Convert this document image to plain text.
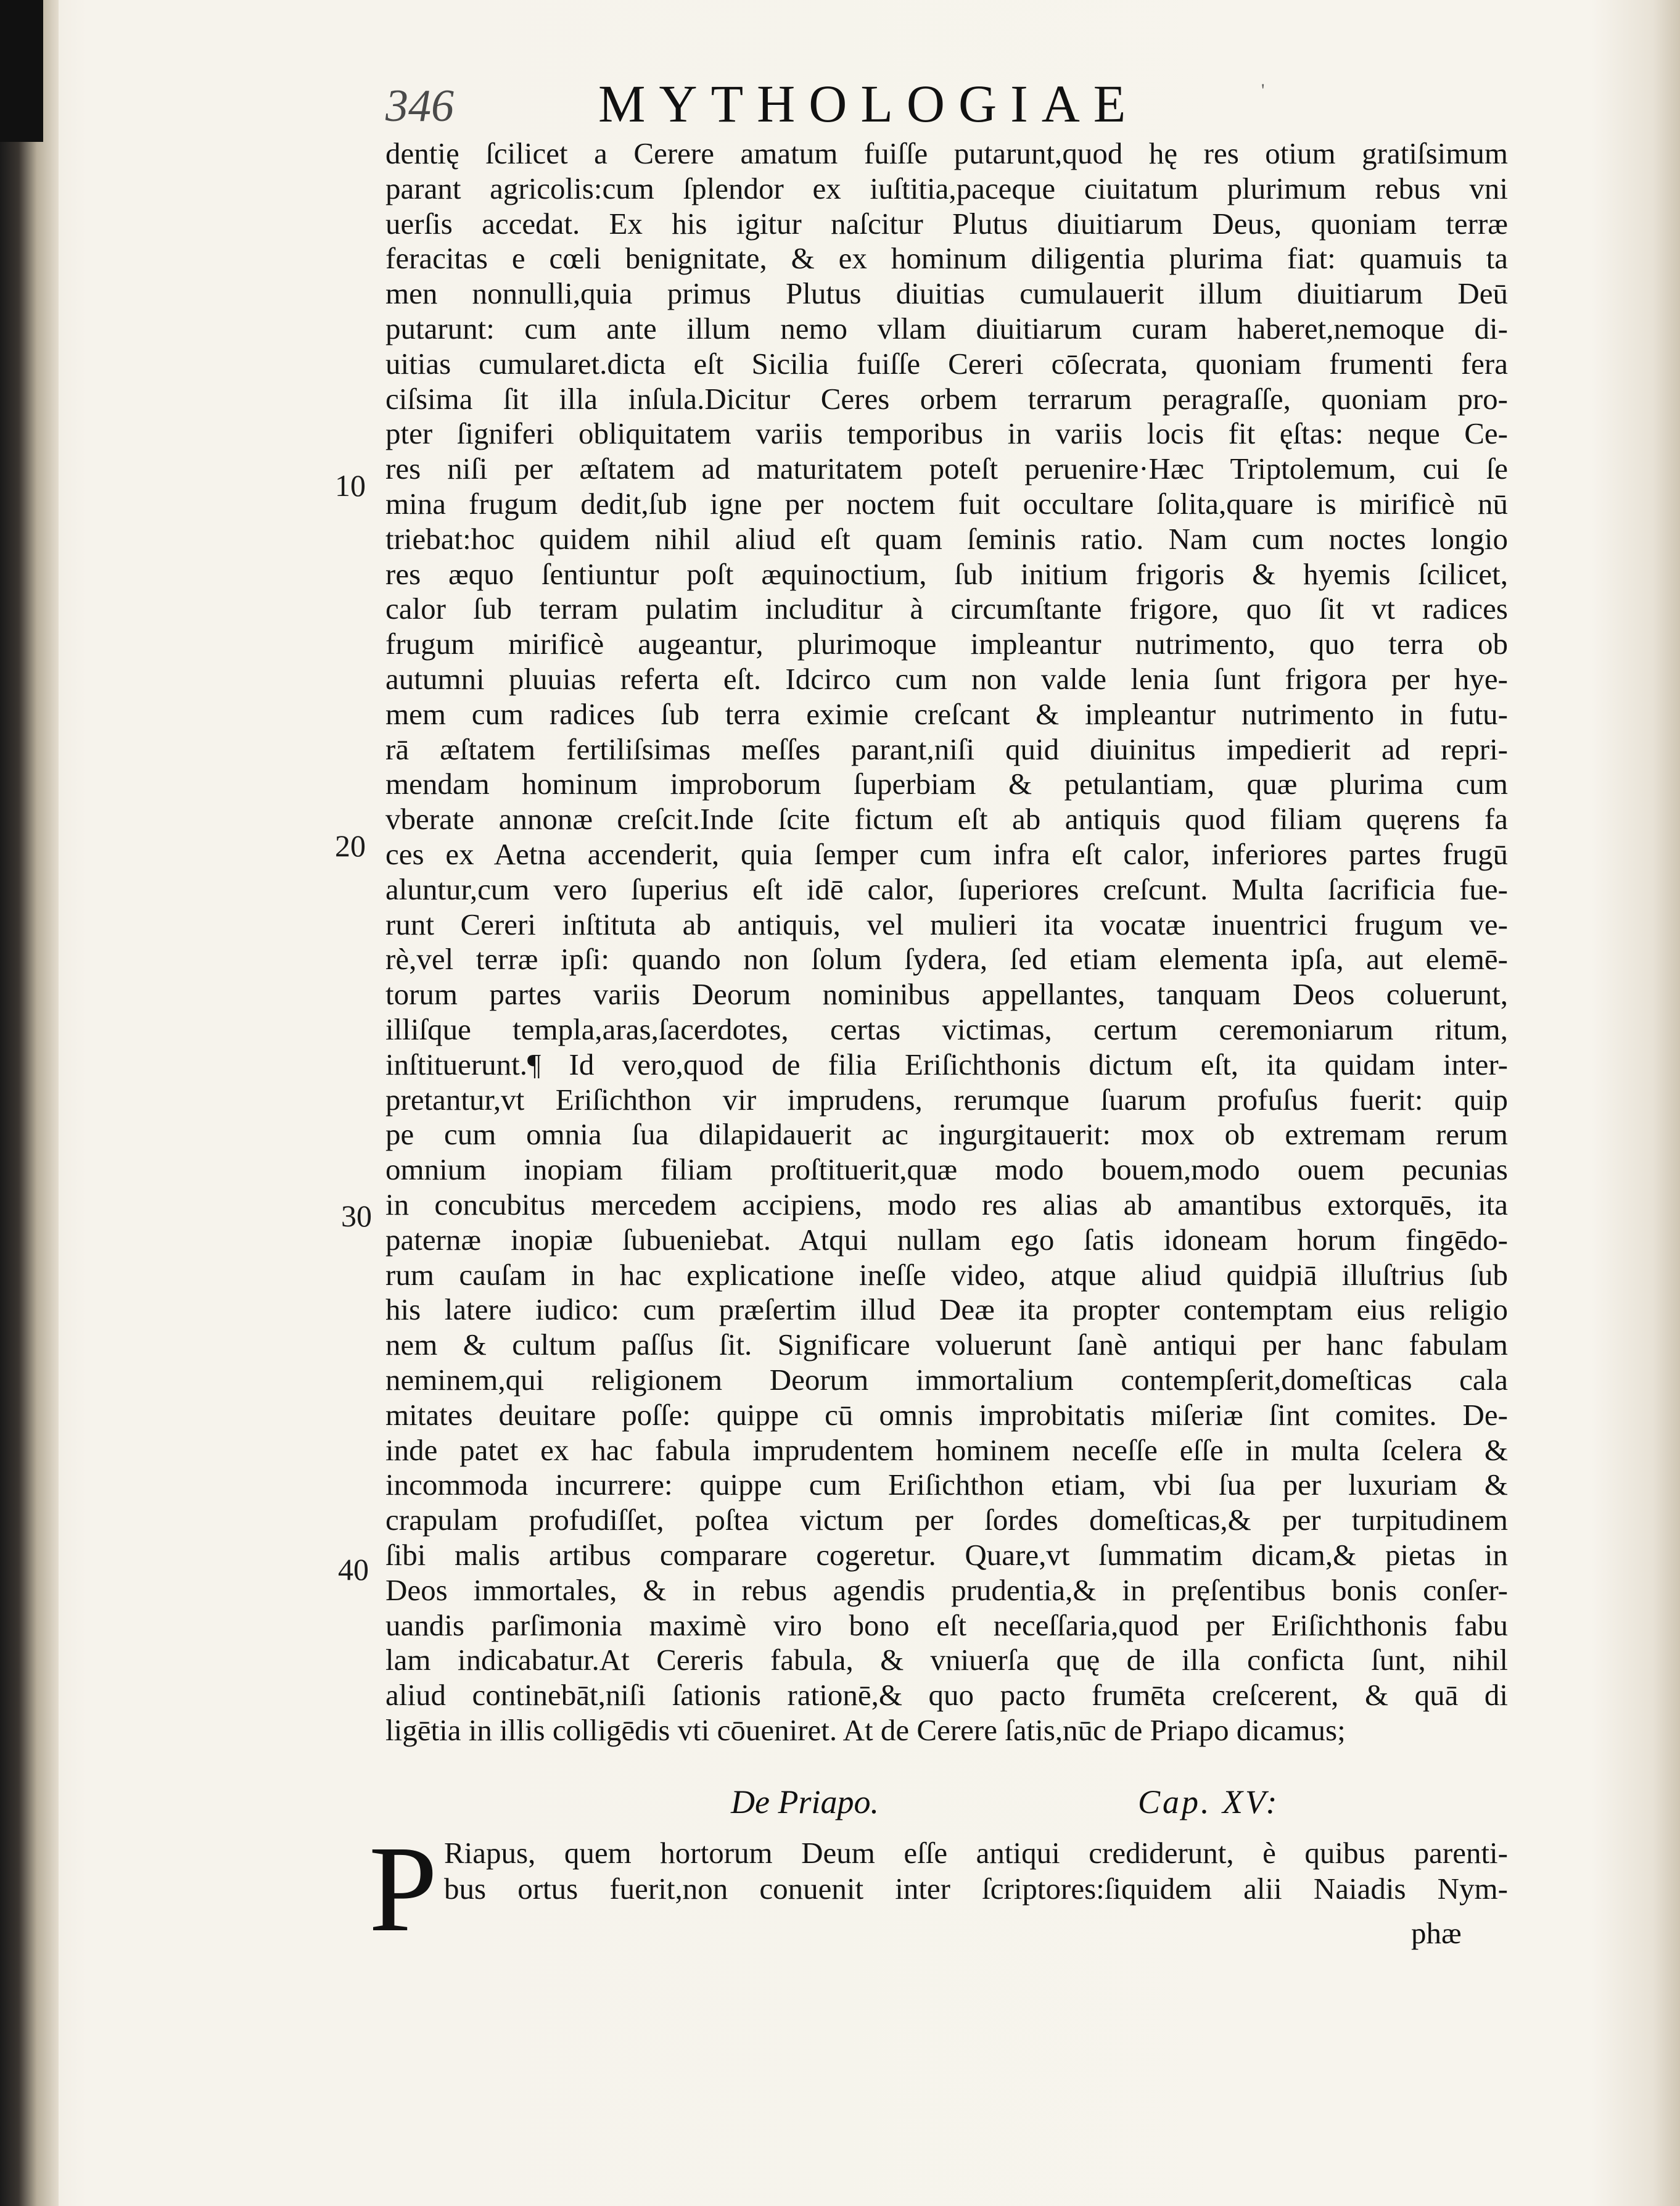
346	MYTHOLOGIAE	'
dentię ſcilicet a Cerere amatum fuiſſe putarunt,quod hę res otium gratiſsimum
parant agricolis:cum ſplendor ex iuſtitia,paceque ciuitatum plurimum rebus vni
uerſis accedat. Ex his igitur naſcitur Plutus diuitiarum Deus, quoniam terræ
feracitas e cœli benignitate, & ex hominum diligentia plurima fiat: quamuis ta
men nonnulli,quia primus Plutus diuitias cumulauerit illum diuitiarum Deū
putarunt: cum ante illum nemo vllam diuitiarum curam haberet,nemoque di-
uitias cumularet.dicta eſt Sicilia fuiſſe Cereri cōſecrata, quoniam frumenti fera
ciſsima ſit illa inſula.Dicitur Ceres orbem terrarum peragraſſe, quoniam pro-
pter ſigniferi obliquitatem variis temporibus in variis locis fit ęſtas: neque Ce-
res niſi per æſtatem ad maturitatem poteſt peruenire·Hæc Triptolemum, cui ſe
mina frugum dedit,ſub igne per noctem fuit occultare ſolita,quare is mirificè nū
triebat:hoc quidem nihil aliud eſt quam ſeminis ratio. Nam cum noctes longio
res æquo ſentiuntur poſt æquinoctium, ſub initium frigoris & hyemis ſcilicet,
calor ſub terram pulatim includitur à circumſtante frigore, quo ſit vt radices
frugum mirificè augeantur, plurimoque impleantur nutrimento, quo terra ob
autumni pluuias referta eſt. Idcirco cum non valde lenia ſunt frigora per hye-
mem cum radices ſub terra eximie creſcant & impleantur nutrimento in futu-
rā æſtatem fertiliſsimas meſſes parant,niſi quid diuinitus impedierit ad repri-
mendam hominum improborum ſuperbiam & petulantiam, quæ plurima cum
vberate annonæ creſcit.Inde ſcite fictum eſt ab antiquis quod filiam quęrens fa
ces ex Aetna accenderit, quia ſemper cum infra eſt calor, inferiores partes frugū
aluntur,cum vero ſuperius eſt idē calor, ſuperiores creſcunt. Multa ſacrificia fue-
runt Cereri inſtituta ab antiquis, vel mulieri ita vocatæ inuentrici frugum ve-
rè,vel terræ ipſi: quando non ſolum ſydera, ſed etiam elementa ipſa, aut elemē-
torum partes variis Deorum nominibus appellantes, tanquam Deos coluerunt,
illiſque templa,aras,ſacerdotes, certas victimas, certum ceremoniarum ritum,
inſtituerunt.¶ Id vero,quod de filia Eriſichthonis dictum eſt, ita quidam inter-
pretantur,vt Eriſichthon vir imprudens, rerumque ſuarum profuſus fuerit: quip
pe cum omnia ſua dilapidauerit ac ingurgitauerit: mox ob extremam rerum
omnium inopiam filiam proſtituerit,quæ modo bouem,modo ouem pecunias
in concubitus mercedem accipiens, modo res alias ab amantibus extorquēs, ita
paternæ inopiæ ſubueniebat. Atqui nullam ego ſatis idoneam horum fingēdo-
rum cauſam in hac explicatione ineſſe video, atque aliud quidpiā illuſtrius ſub
his latere iudico: cum præſertim illud Deæ ita propter contemptam eius religio
nem & cultum paſſus ſit. Significare voluerunt ſanè antiqui per hanc fabulam
neminem,qui religionem Deorum immortalium contempſerit,domeſticas cala
mitates deuitare poſſe: quippe cū omnis improbitatis miſeriæ ſint comites. De-
inde patet ex hac fabula imprudentem hominem neceſſe eſſe in multa ſcelera &
incommoda incurrere: quippe cum Eriſichthon etiam, vbi ſua per luxuriam &
crapulam profudiſſet, poſtea victum per ſordes domeſticas,& per turpitudinem
ſibi malis artibus comparare cogeretur. Quare,vt ſummatim dicam,& pietas in
Deos immortales, & in rebus agendis prudentia,& in pręſentibus bonis conſer-
uandis parſimonia maximè viro bono eſt neceſſaria,quod per Eriſichthonis fabu
lam indicabatur.At Cereris fabula, & vniuerſa quę de illa conficta ſunt, nihil
aliud continebāt,niſi ſationis rationē,& quo pacto frumēta creſcerent, & quā di
ligētia in illis colligēdis vti cōueniret. At de Cerere ſatis,nūc de Priapo dicamus;
10
20
30
40
De Priapo.	Cap. XV:
P Riapus, quem hortorum Deum eſſe antiqui crediderunt, è quibus parenti-
bus ortus fuerit,non conuenit inter ſcriptores:ſiquidem alii Naiadis Nym-
phæ
